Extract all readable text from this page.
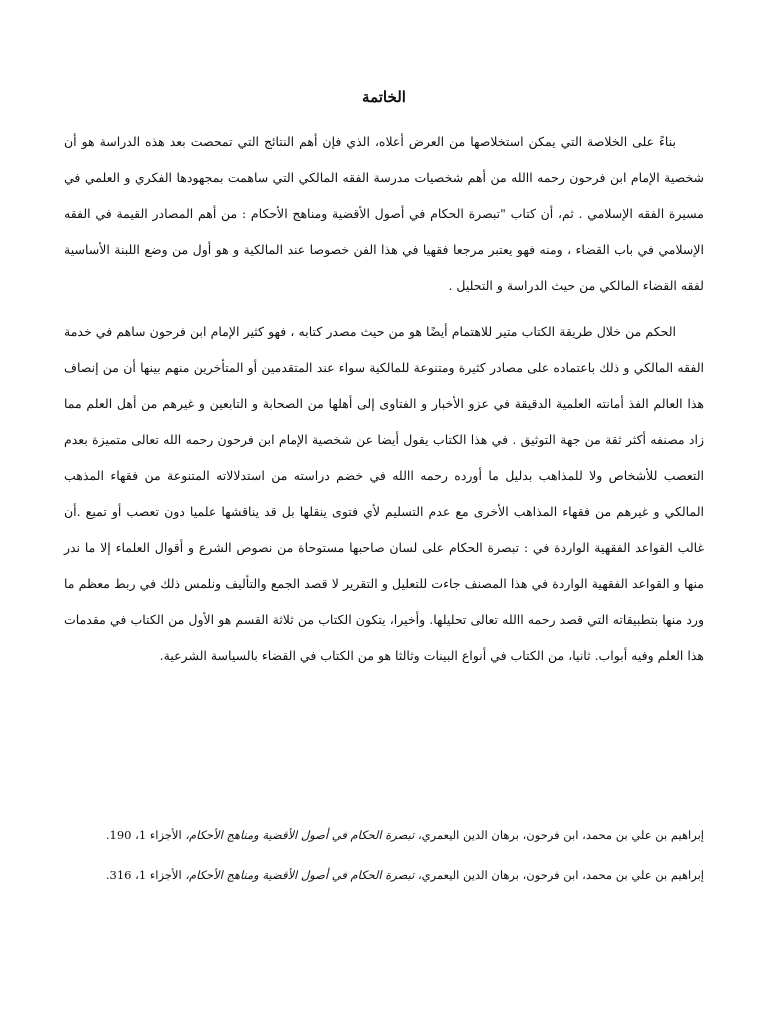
الخاتمة

بناءً على الخلاصة التي يمكن استخلاصها من العرض أعلاه، الذي فإن أهم النتائج التي تمحصت بعد هذه الدراسة هو أن شخصية الإمام ابن فرحون رحمه االله من أهم شخصيات مدرسة الفقه المالكي التي ساهمت بمجهودها الفكري و العلمي في مسيرة الفقه الإسلامي . ثم، أن كتاب "تبصرة الحكام في أصول الأقضية ومناهج الأحكام : من أهم المصادر القيمة في الفقه الإسلامي في باب القضاء ، ومنه فهو يعتبر مرجعا فقهيا في هذا الفن خصوصا عند المالكية و هو أول من وضع اللبنة الأساسية لفقه القضاء المالكي من حيث الدراسة و التحليل .

الحكم من خلال طريقة الكتاب متير للاهتمام أيضًا هو من حيث مصدر كتابه ، فهو كثير الإمام ابن فرحون ساهم في خدمة الفقه المالكي و ذلك باعتماده على مصادر كثيرة ومتنوعة للمالكية سواء عند المتقدمين أو المتأخرين منهم بينها أن من إنصاف هذا العالم الفذ أمانته العلمية الدقيقة في عزو الأخبار و الفتاوى إلى أهلها من الصحابة و التابعين و غيرهم من أهل العلم مما زاد مصنفه أكثر ثقة من جهة التوثيق . في هذا الكتاب يقول أيضا عن شخصية الإمام ابن فرحون رحمه الله تعالى متميزة بعدم التعصب للأشخاص ولا للمذاهب بدليل ما أورده رحمه االله في خضم دراسته من استدلالاته المتنوعة من فقهاء المذهب المالكي و غيرهم من فقهاء المذاهب الأخرى مع عدم التسليم لأي فتوى ينقلها بل قد يناقشها علميا دون تعصب أو تميع .أن غالب القواعد الفقهية الواردة في : تبصرة الحكام على لسان صاحبها مستوحاة من نصوص الشرع و أقوال العلماء إلا ما ندر منها و القواعد الفقهية الواردة في هذا المصنف جاءت للتعليل و التقرير لا قصد الجمع والتأليف ونلمس ذلك في ربط معظم ما ورد منها بتطبيقاته التي قصد رحمه االله تعالى تحليلها. وأخيرا، يتكون الكتاب من ثلاثة القسم هو الأول من الكتاب في مقدمات هذا العلم وفيه أبواب. ثانيا، من الكتاب في أنواع البينات وثالثا هو من الكتاب في القضاء بالسياسة الشرعية.

إبراهيم بن علي بن محمد، ابن فرحون، برهان الدين اليعمري، تبصرة الحكام في أصول الأقضية ومناهج الأحكام، الأجزاء 1، 190.

إبراهيم بن علي بن محمد، ابن فرحون، برهان الدين اليعمري، تبصرة الحكام في أصول الأقضية ومناهج الأحكام، الأجزاء 1، 316.
